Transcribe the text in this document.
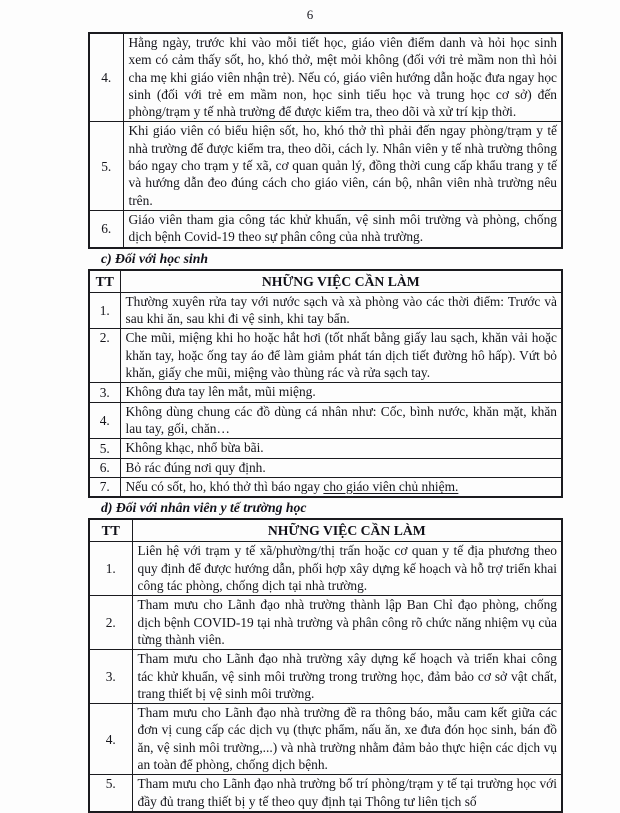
6
4.	Hằng ngày, trước khi vào mỗi tiết học, giáo viên điểm danh và hỏi học sinh xem có cảm thấy sốt, ho, khó thở, mệt mỏi không (đối với trẻ mầm non thì hỏi cha mẹ khi giáo viên nhận trẻ). Nếu có, giáo viên hướng dẫn hoặc đưa ngay học sinh (đối với trẻ em mầm non, học sinh tiểu học và trung học cơ sở) đến phòng/trạm y tế nhà trường để được kiểm tra, theo dõi và xử trí kịp thời.
5.	Khi giáo viên có biểu hiện sốt, ho, khó thở thì phải đến ngay phòng/trạm y tế nhà trường để được kiểm tra, theo dõi, cách ly. Nhân viên y tế nhà trường thông báo ngay cho trạm y tế xã, cơ quan quản lý, đồng thời cung cấp khẩu trang y tế và hướng dẫn đeo đúng cách cho giáo viên, cán bộ, nhân viên nhà trường nêu trên.
6.	Giáo viên tham gia công tác khử khuẩn, vệ sinh môi trường và phòng, chống dịch bệnh Covid-19 theo sự phân công của nhà trường.
c) Đối với học sinh
TT	NHỮNG VIỆC CẦN LÀM
1.	Thường xuyên rửa tay với nước sạch và xà phòng vào các thời điểm: Trước và sau khi ăn, sau khi đi vệ sinh, khi tay bẩn.
2.	Che mũi, miệng khi ho hoặc hắt hơi (tốt nhất bằng giấy lau sạch, khăn vải hoặc khăn tay, hoặc ống tay áo để làm giảm phát tán dịch tiết đường hô hấp). Vứt bỏ khăn, giấy che mũi, miệng vào thùng rác và rửa sạch tay.
3.	Không đưa tay lên mắt, mũi miệng.
4.	Không dùng chung các đồ dùng cá nhân như: Cốc, bình nước, khăn mặt, khăn lau tay, gối, chăn…
5.	Không khạc, nhổ bừa bãi.
6.	Bỏ rác đúng nơi quy định.
7.	Nếu có sốt, ho, khó thở thì báo ngay cho giáo viên chủ nhiệm.
d) Đối với nhân viên y tế trường học
TT	NHỮNG VIỆC CẦN LÀM
1.	Liên hệ với trạm y tế xã/phường/thị trấn hoặc cơ quan y tế địa phương theo quy định để được hướng dẫn, phối hợp xây dựng kế hoạch và hỗ trợ triển khai công tác phòng, chống dịch tại nhà trường.
2.	Tham mưu cho Lãnh đạo nhà trường thành lập Ban Chỉ đạo phòng, chống dịch bệnh COVID-19 tại nhà trường và phân công rõ chức năng nhiệm vụ của từng thành viên.
3.	Tham mưu cho Lãnh đạo nhà trường xây dựng kế hoạch và triển khai công tác khử khuẩn, vệ sinh môi trường trong trường học, đảm bảo cơ sở vật chất, trang thiết bị vệ sinh môi trường.
4.	Tham mưu cho Lãnh đạo nhà trường đề ra thông báo, mẫu cam kết giữa các đơn vị cung cấp các dịch vụ (thực phẩm, nấu ăn, xe đưa đón học sinh, bán đồ ăn, vệ sinh môi trường,...) và nhà trường nhằm đảm bảo thực hiện các dịch vụ an toàn để phòng, chống dịch bệnh.
5.	Tham mưu cho Lãnh đạo nhà trường bố trí phòng/trạm y tế tại trường học với đầy đủ trang thiết bị y tế theo quy định tại Thông tư liên tịch số
